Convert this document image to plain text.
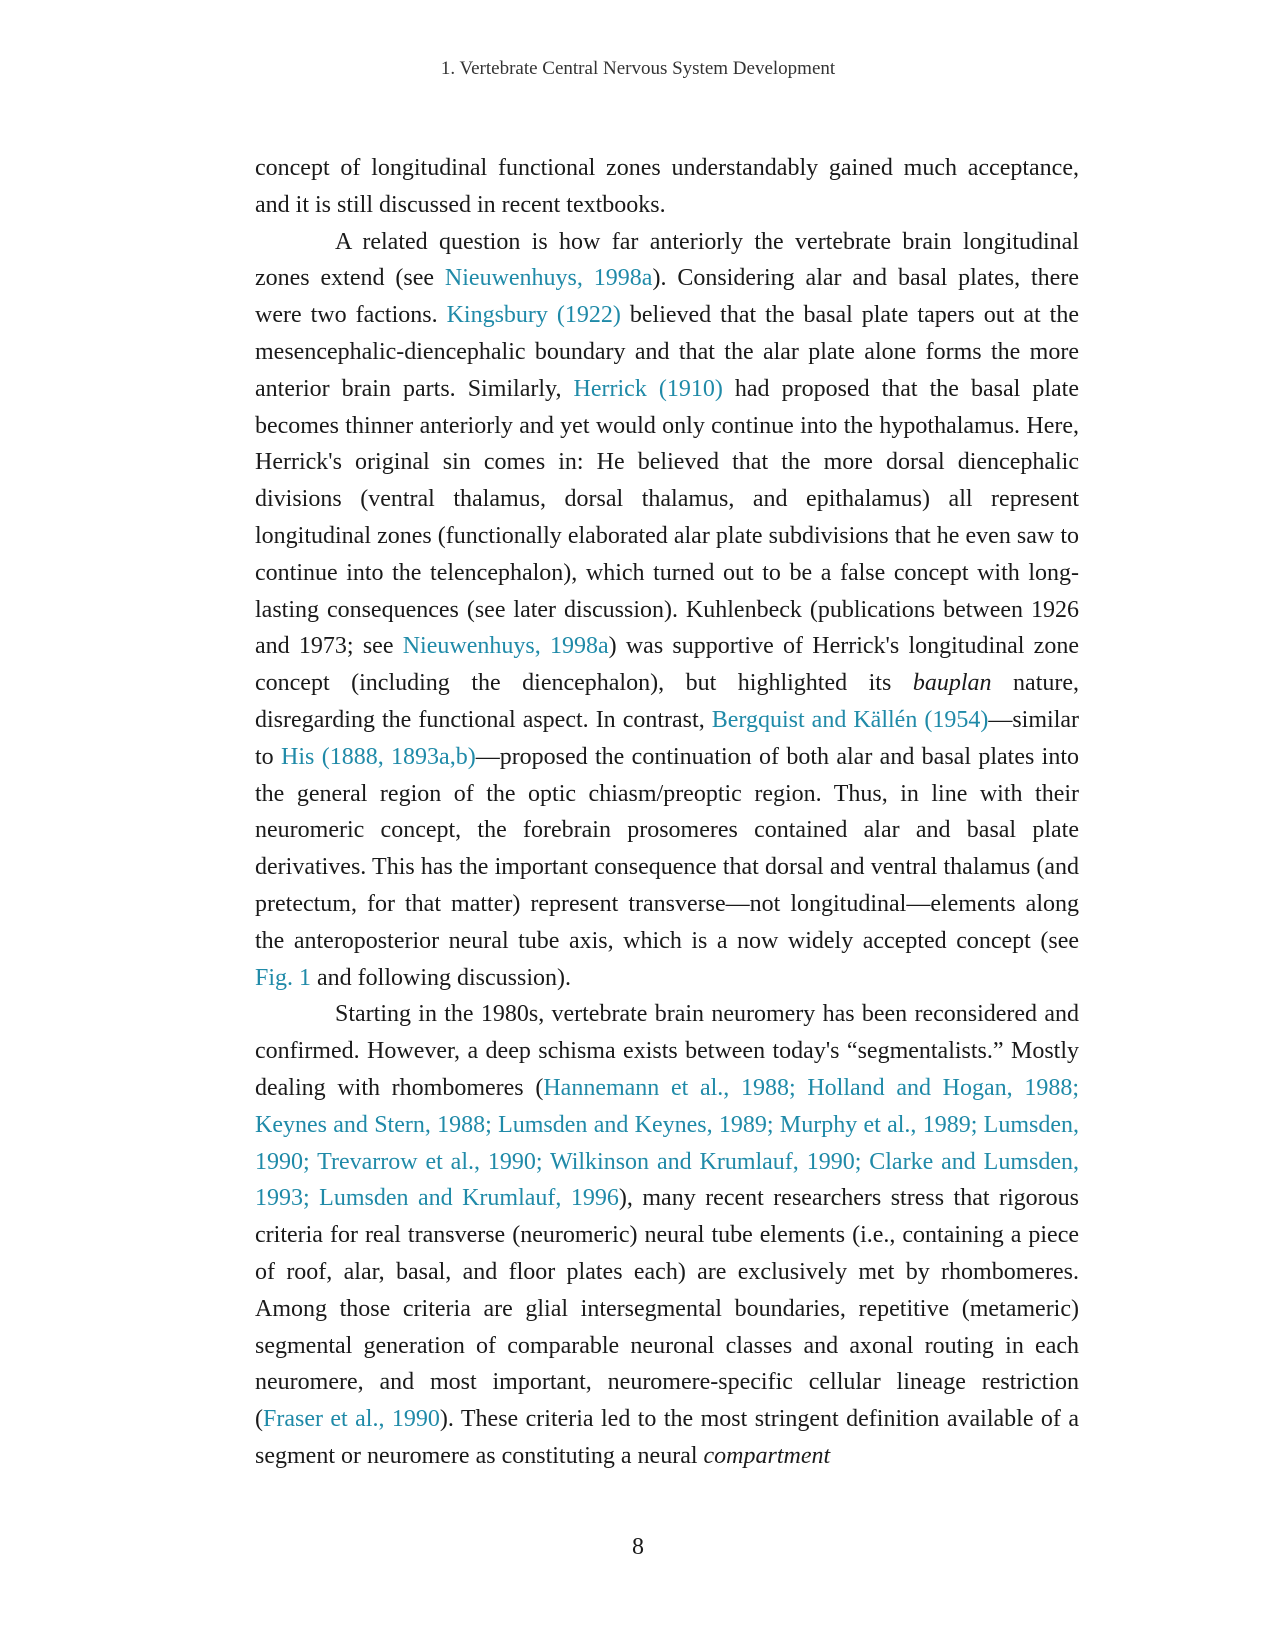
1. Vertebrate Central Nervous System Development

concept of longitudinal functional zones understandably gained much acceptance, and it is still discussed in recent textbooks.

A related question is how far anteriorly the vertebrate brain longitudinal zones extend (see Nieuwenhuys, 1998a). Considering alar and basal plates, there were two factions. Kingsbury (1922) believed that the basal plate tapers out at the mesencephalic-diencephalic boundary and that the alar plate alone forms the more anterior brain parts. Similarly, Herrick (1910) had proposed that the basal plate becomes thinner anteriorly and yet would only continue into the hypothalamus. Here, Herrick's original sin comes in: He believed that the more dorsal diencephalic divisions (ventral thalamus, dorsal thalamus, and epithalamus) all represent longitudinal zones (functionally elaborated alar plate subdivisions that he even saw to continue into the telencephalon), which turned out to be a false concept with long-lasting consequences (see later discussion). Kuhlenbeck (publications between 1926 and 1973; see Nieuwenhuys, 1998a) was supportive of Herrick's longitudinal zone concept (including the diencephalon), but highlighted its bauplan nature, disregarding the functional aspect. In contrast, Bergquist and Källén (1954)—similar to His (1888, 1893a,b)—proposed the continuation of both alar and basal plates into the general region of the optic chiasm/preoptic region. Thus, in line with their neuromeric concept, the forebrain prosomeres contained alar and basal plate derivatives. This has the important consequence that dorsal and ventral thalamus (and pretectum, for that matter) represent transverse—not longitudinal—elements along the anteroposterior neural tube axis, which is a now widely accepted concept (see Fig. 1 and following discussion).

Starting in the 1980s, vertebrate brain neuromery has been reconsidered and confirmed. However, a deep schisma exists between today's “segmentalists.” Mostly dealing with rhombomeres (Hannemann et al., 1988; Holland and Hogan, 1988; Keynes and Stern, 1988; Lumsden and Keynes, 1989; Murphy et al., 1989; Lumsden, 1990; Trevarrow et al., 1990; Wilkinson and Krumlauf, 1990; Clarke and Lumsden, 1993; Lumsden and Krumlauf, 1996), many recent researchers stress that rigorous criteria for real transverse (neuromeric) neural tube elements (i.e., containing a piece of roof, alar, basal, and floor plates each) are exclusively met by rhombomeres. Among those criteria are glial intersegmental boundaries, repetitive (metameric) segmental generation of comparable neuronal classes and axonal routing in each neuromere, and most important, neuromere-specific cellular lineage restriction (Fraser et al., 1990). These criteria led to the most stringent definition available of a segment or neuromere as constituting a neural compartment

8
